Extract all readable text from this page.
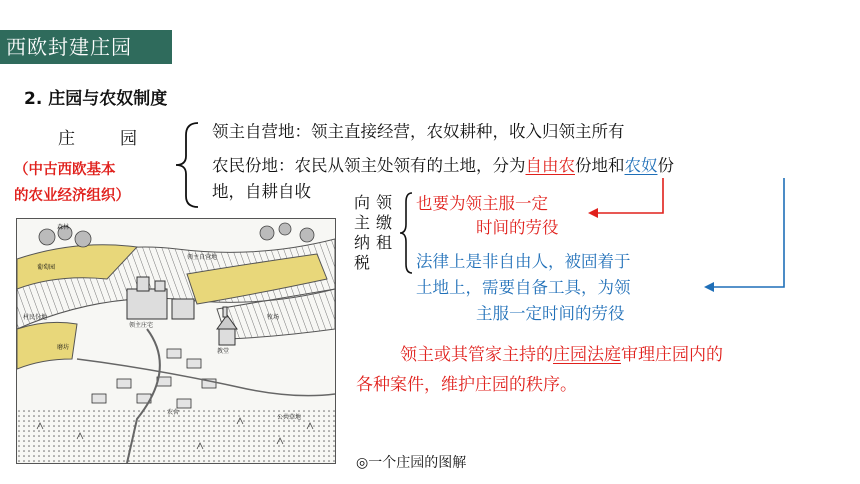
西欧封建庄园
2. 庄园与农奴制度
庄　园
（中古西欧基本
的农业经济组织）
领主自营地：领主直接经营，农奴耕种，收入归领主所有
农民份地：农民从领主处领有的土地，分为自由农份地和农奴份
地，自耕自收
向主纳税
领缴租
也要为领主服一定
时间的劳役
法律上是非自由人，被固着于
土地上，需要自备工具，为领
主服一定时间的劳役
领主或其管家主持的庄园法庭审理庄园内的
各种案件，维护庄园的秩序。
葡萄园
牧场
领主庄宅
教堂
磨坊
公共草地
农舍
领主自营地
村民份地
森林
◎一个庄园的图解
